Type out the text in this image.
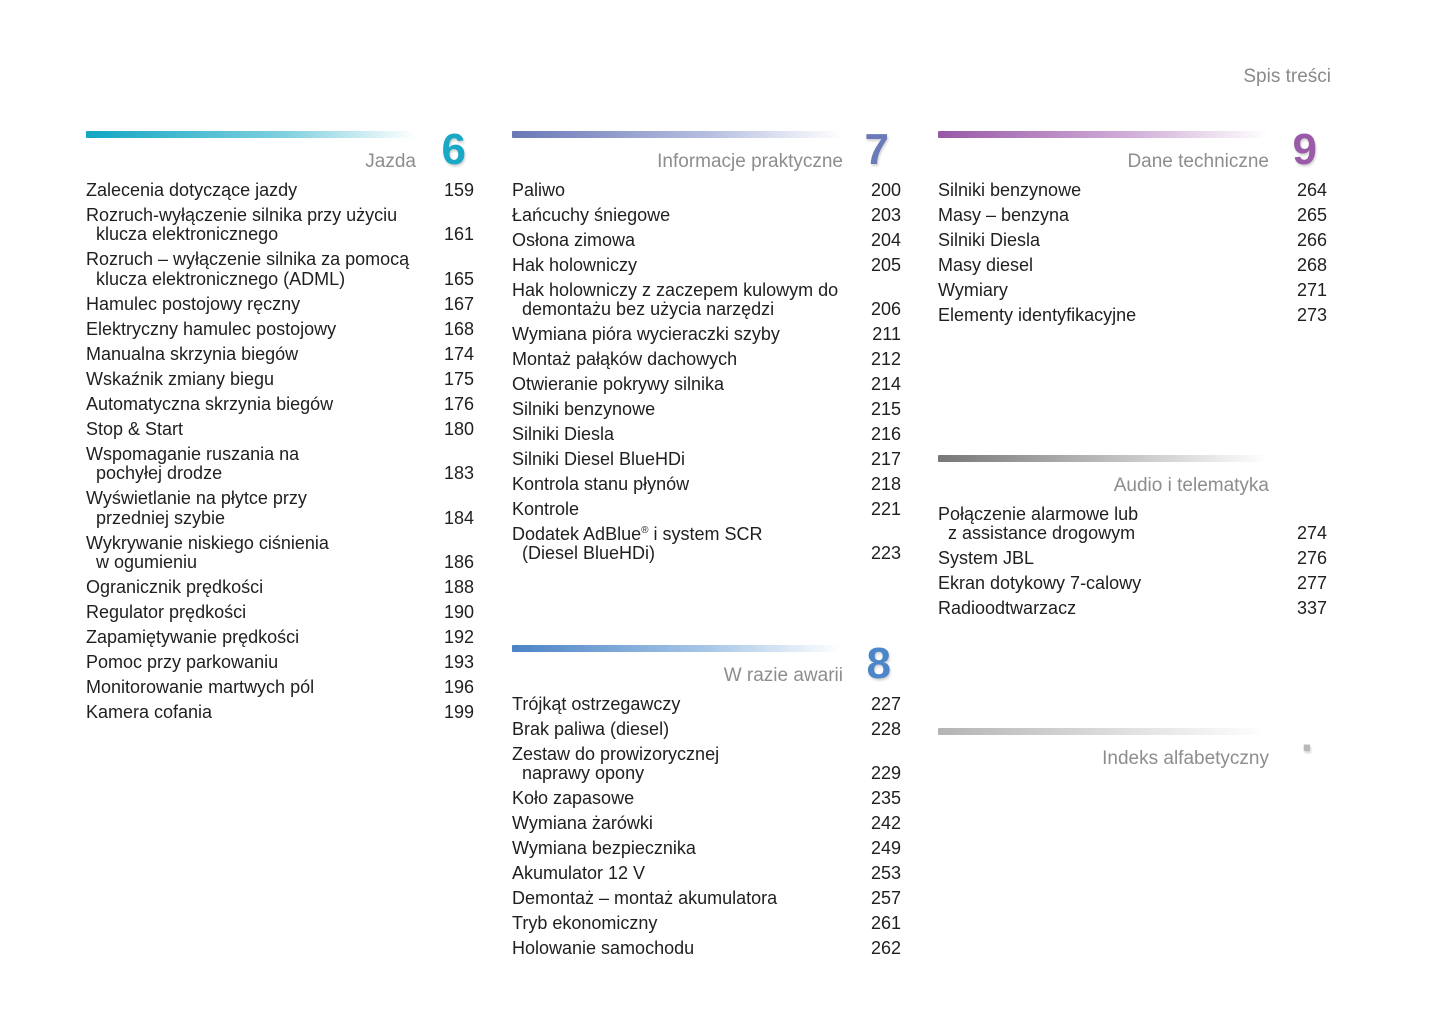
Spis treści
Jazda 6
Zalecenia dotyczące jazdy	159
Rozruch-wyłączenie silnika przy użyciu
klucza elektronicznego	161
Rozruch – wyłączenie silnika za pomocą
klucza elektronicznego (ADML)	165
Hamulec postojowy ręczny	167
Elektryczny hamulec postojowy	168
Manualna skrzynia biegów	174
Wskaźnik zmiany biegu	175
Automatyczna skrzynia biegów	176
Stop & Start	180
Wspomaganie ruszania na
pochyłej drodze	183
Wyświetlanie na płytce przy
przedniej szybie	184
Wykrywanie niskiego ciśnienia
w ogumieniu	186
Ogranicznik prędkości	188
Regulator prędkości	190
Zapamiętywanie prędkości	192
Pomoc przy parkowaniu	193
Monitorowanie martwych pól	196
Kamera cofania	199
Informacje praktyczne 7
Paliwo	200
Łańcuchy śniegowe	203
Osłona zimowa	204
Hak holowniczy	205
Hak holowniczy z zaczepem kulowym do
demontażu bez użycia narzędzi	206
Wymiana pióra wycieraczki szyby	211
Montaż pałąków dachowych	212
Otwieranie pokrywy silnika	214
Silniki benzynowe	215
Silniki Diesla	216
Silniki Diesel BlueHDi	217
Kontrola stanu płynów	218
Kontrole	221
Dodatek AdBlue® i system SCR
(Diesel BlueHDi)	223
W razie awarii 8
Trójkąt ostrzegawczy	227
Brak paliwa (diesel)	228
Zestaw do prowizorycznej
naprawy opony	229
Koło zapasowe	235
Wymiana żarówki	242
Wymiana bezpiecznika	249
Akumulator 12 V	253
Demontaż – montaż akumulatora	257
Tryb ekonomiczny	261
Holowanie samochodu	262
Dane techniczne 9
Silniki benzynowe	264
Masy – benzyna	265
Silniki Diesla	266
Masy diesel	268
Wymiary	271
Elementy identyfikacyjne	273
Audio i telematyka
Połączenie alarmowe lub
z assistance drogowym	274
System JBL	276
Ekran dotykowy 7-calowy	277
Radioodtwarzacz	337
Indeks alfabetyczny .
